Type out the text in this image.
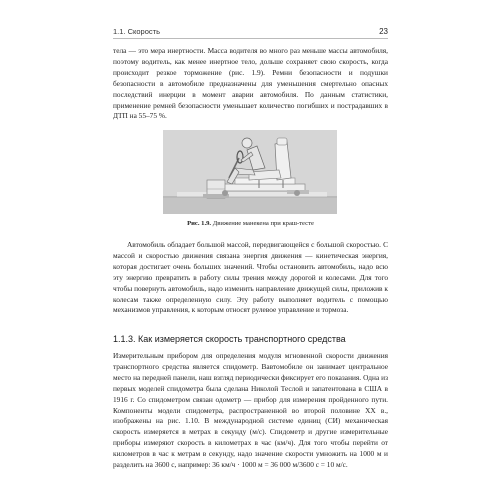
1.1. Скорость	23

тела — это мера инертности. Масса водителя во много раз меньше массы автомобиля, поэтому водитель, как менее инертное тело, дольше сохраняет свою скорость, когда происходит резкое торможение (рис. 1.9). Ремни безопасности и подушки безопасности в автомобиле предназначены для уменьшения смертельно опасных последствий инерции в момент аварии автомобиля. По данным статистики, применение ремней безопасности уменьшает количество погибших и пострадавших в ДТП на 55–75 %.

Рис. 1.9. Движение манекена при краш-тесте

Автомобиль обладает большой массой, передвигающейся с большой скоростью. С массой и скоростью движения связана энергия движения — кинетическая энергия, которая достигает очень больших значений. Чтобы остановить автомобиль, надо всю эту энергию превратить в работу силы трения между дорогой и колесами. Для того чтобы повернуть автомобиль, надо изменить направление движущей силы, приложив к колесам также определенную силу. Эту работу выполняет водитель с помощью механизмов управления, к которым относят рулевое управление и тормоза.

1.1.3. Как измеряется скорость транспортного средства

Измерительным прибором для определения модуля мгновенной скорости движения транспортного средства является спидометр. Вавтомобиле он занимает центральное место на передней панели, наш взгляд периодически фиксирует его показания. Одна из первых моделей спидометра была сделана Николой Теслой и запатентована в США в 1916 г. Со спидометром связан одометр — прибор для измерения пройденного пути. Компоненты модели спидометра, распространенной во второй половине XX в., изображены на рис. 1.10. В международной системе единиц (СИ) механическая скорость измеряется в метрах в секунду (м/с). Спидометр и другие измерительные приборы измеряют скорость в километрах в час (км/ч). Для того чтобы перейти от километров в час к метрам в секунду, надо значение скорости умножить на 1000 м и разделить на 3600 с, например: 36 км/ч · 1000 м = 36 000 м/3600 с = 10 м/с.
